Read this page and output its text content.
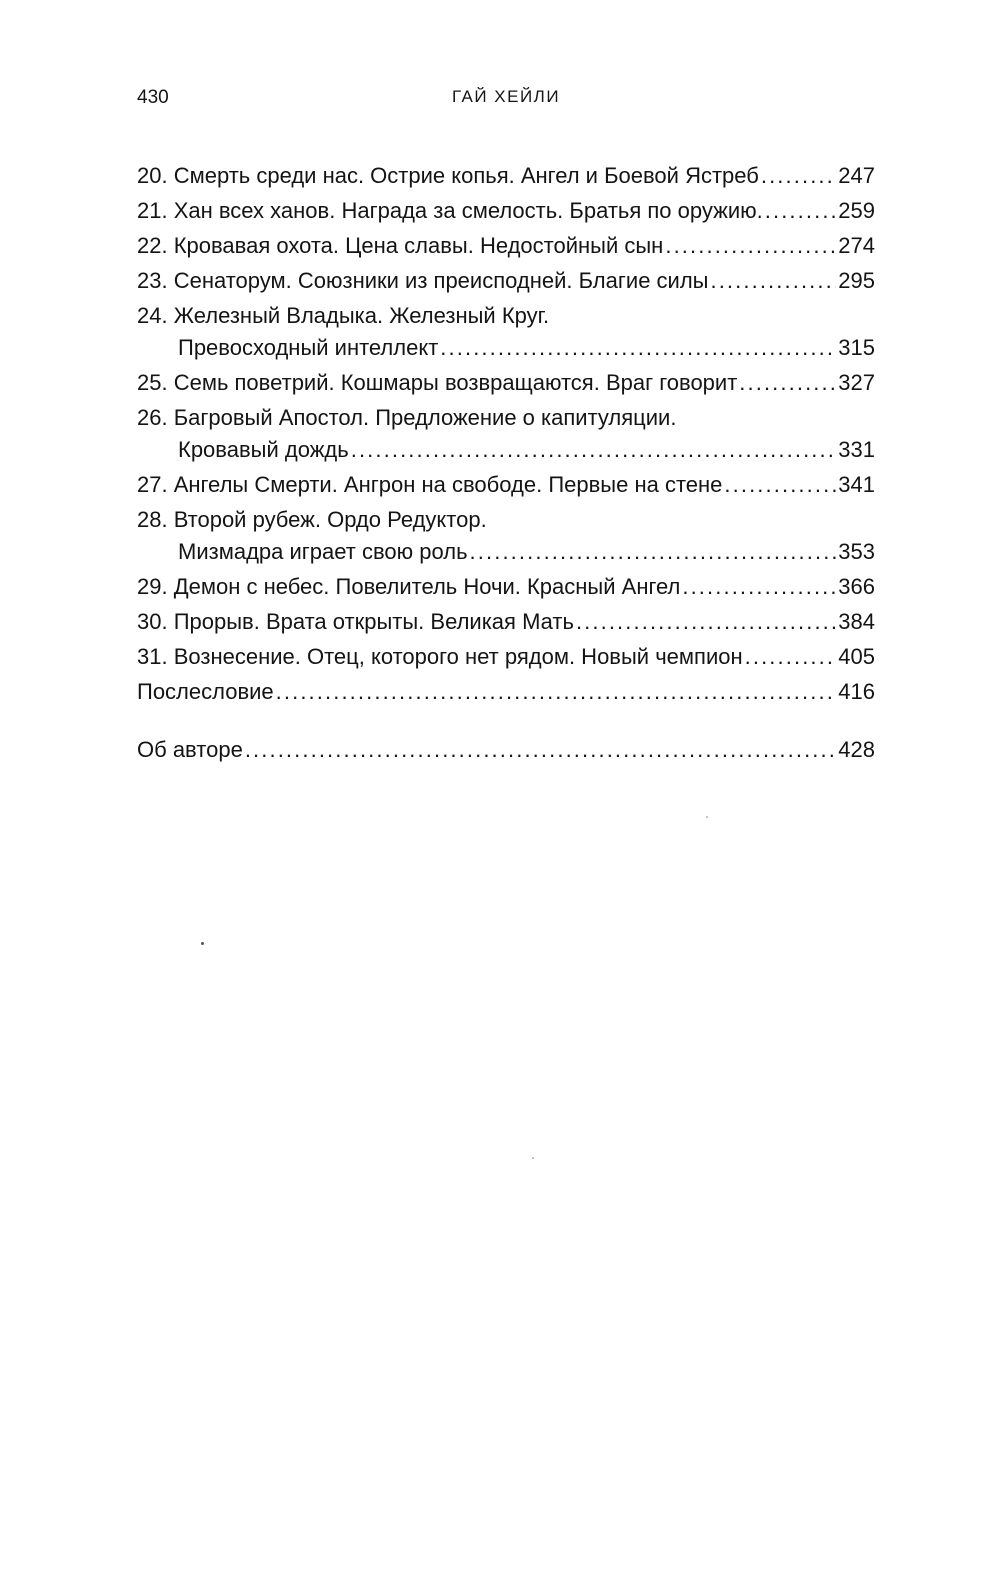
430	ГАЙ ХЕЙЛИ
20. Смерть среди нас. Острие копья. Ангел и Боевой Ястреб . . .	247
21. Хан всех ханов. Награда за смелость. Братья по оружию. . . .	259
22. Кровавая охота. Цена славы. Недостойный сын . . .	274
23. Сенаторум. Союзники из преисподней. Благие силы . . .	295
24. Железный Владыка. Железный Круг.
Превосходный интеллект . . .	315
25. Семь поветрий. Кошмары возвращаются. Враг говорит . . .	327
26. Багровый Апостол. Предложение о капитуляции.
Кровавый дождь . . .	331
27. Ангелы Смерти. Ангрон на свободе. Первые на стене . . .	341
28. Второй рубеж. Ордо Редуктор.
Мизмадра играет свою роль . . .	353
29. Демон с небес. Повелитель Ночи. Красный Ангел . . .	366
30. Прорыв. Врата открыты. Великая Мать . . .	384
31. Вознесение. Отец, которого нет рядом. Новый чемпион . . .	405
Послесловие . . .	416
Об авторе . . .	428
